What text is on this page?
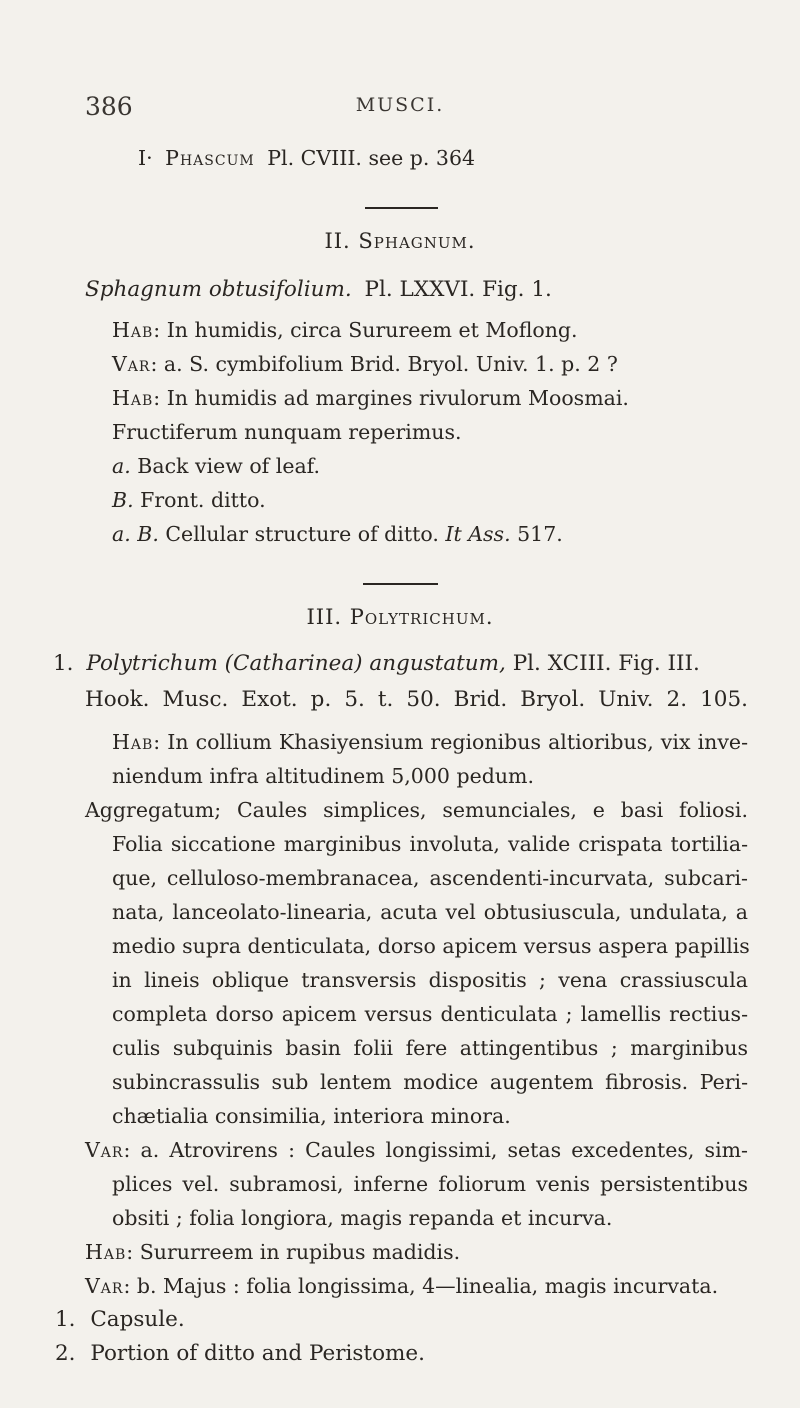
386	MUSCI.
I· Phascum Pl. CVIII. see p. 364
II. Sphagnum.
Sphagnum obtusifolium. Pl. LXXVI. Fig. 1.
Hab: In humidis, circa Surureem et Moflong.
Var: a. S. cymbifolium Brid. Bryol. Univ. 1. p. 2 ?
Hab: In humidis ad margines rivulorum Moosmai.
Fructiferum nunquam reperimus.
a. Back view of leaf.
B. Front. ditto.
a. B. Cellular structure of ditto. It Ass. 517.
III. Polytrichum.
1. Polytrichum (Catharinea) angustatum, Pl. XCIII. Fig. III.
Hook. Musc. Exot. p. 5. t. 50. Brid. Bryol. Univ. 2. 105.
Hab: In collium Khasiyensium regionibus altioribus, vix inve-
niendum infra altitudinem 5,000 pedum.
Aggregatum; Caules simplices, semunciales, e basi foliosi.
Folia siccatione marginibus involuta, valide crispata tortilia-
que, celluloso-membranacea, ascendenti-incurvata, subcari-
nata, lanceolato-linearia, acuta vel obtusiuscula, undulata, a
medio supra denticulata, dorso apicem versus aspera papillis
in lineis oblique transversis dispositis ; vena crassiuscula
completa dorso apicem versus denticulata ; lamellis rectius-
culis subquinis basin folii fere attingentibus ; marginibus
subincrassulis sub lentem modice augentem fibrosis. Peri-
chætialia consimilia, interiora minora.
Var: a. Atrovirens : Caules longissimi, setas excedentes, sim-
plices vel. subramosi, inferne foliorum venis persistentibus
obsiti ; folia longiora, magis repanda et incurva.
Hab: Sururreem in rupibus madidis.
Var: b. Majus : folia longissima, 4—linealia, magis incurvata.
1. Capsule.
2. Portion of ditto and Peristome.
